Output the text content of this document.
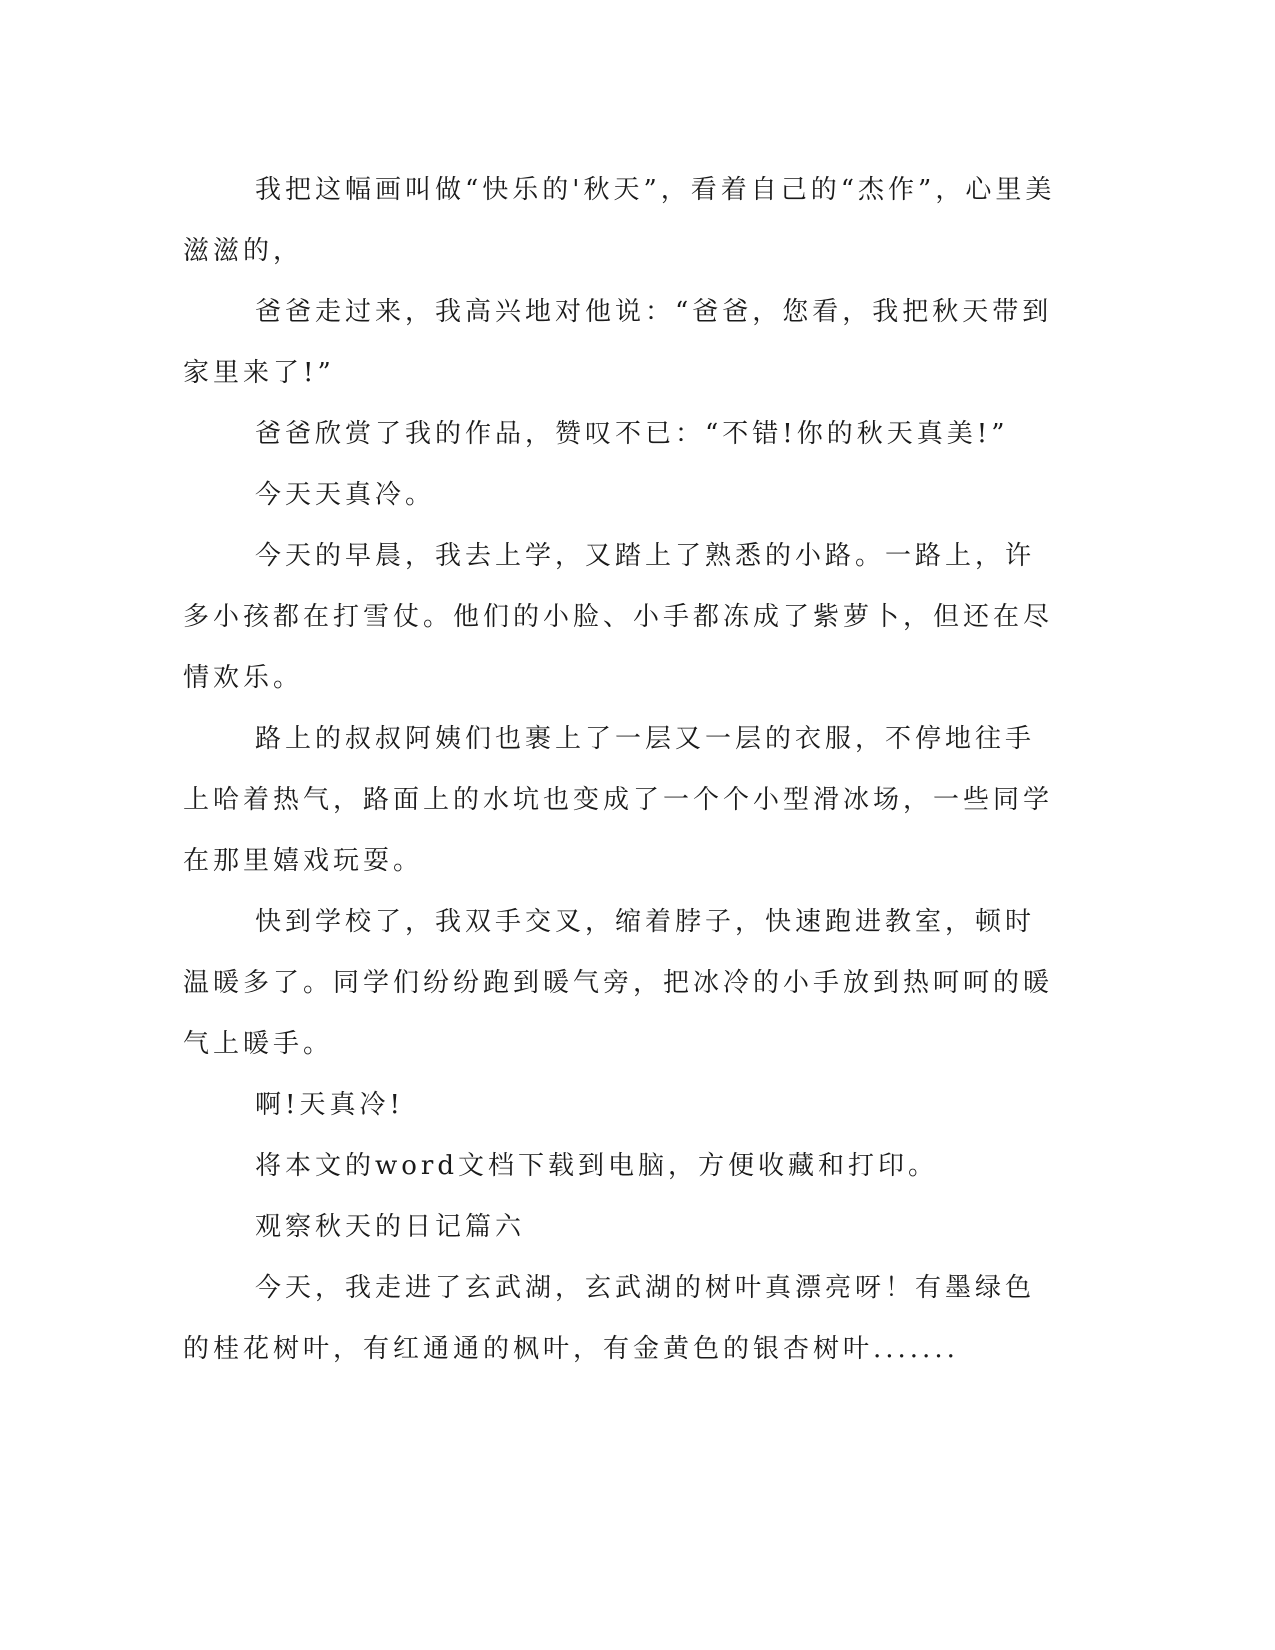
我把这幅画叫做“快乐的'秋天”，看着自己的“杰作”，心里美滋滋的，

爸爸走过来，我高兴地对他说：“爸爸，您看，我把秋天带到家里来了!”

爸爸欣赏了我的作品，赞叹不已：“不错!你的秋天真美!”

今天天真冷。

今天的早晨，我去上学，又踏上了熟悉的小路。一路上，许多小孩都在打雪仗。他们的小脸、小手都冻成了紫萝卜，但还在尽情欢乐。

路上的叔叔阿姨们也裹上了一层又一层的衣服，不停地往手上哈着热气，路面上的水坑也变成了一个个小型滑冰场，一些同学在那里嬉戏玩耍。

快到学校了，我双手交叉，缩着脖子，快速跑进教室，顿时温暖多了。同学们纷纷跑到暖气旁，把冰冷的小手放到热呵呵的暖气上暖手。

啊!天真冷!

将本文的word文档下载到电脑，方便收藏和打印。

观察秋天的日记篇六

今天，我走进了玄武湖，玄武湖的树叶真漂亮呀！有墨绿色的桂花树叶，有红通通的枫叶，有金黄色的银杏树叶.......
